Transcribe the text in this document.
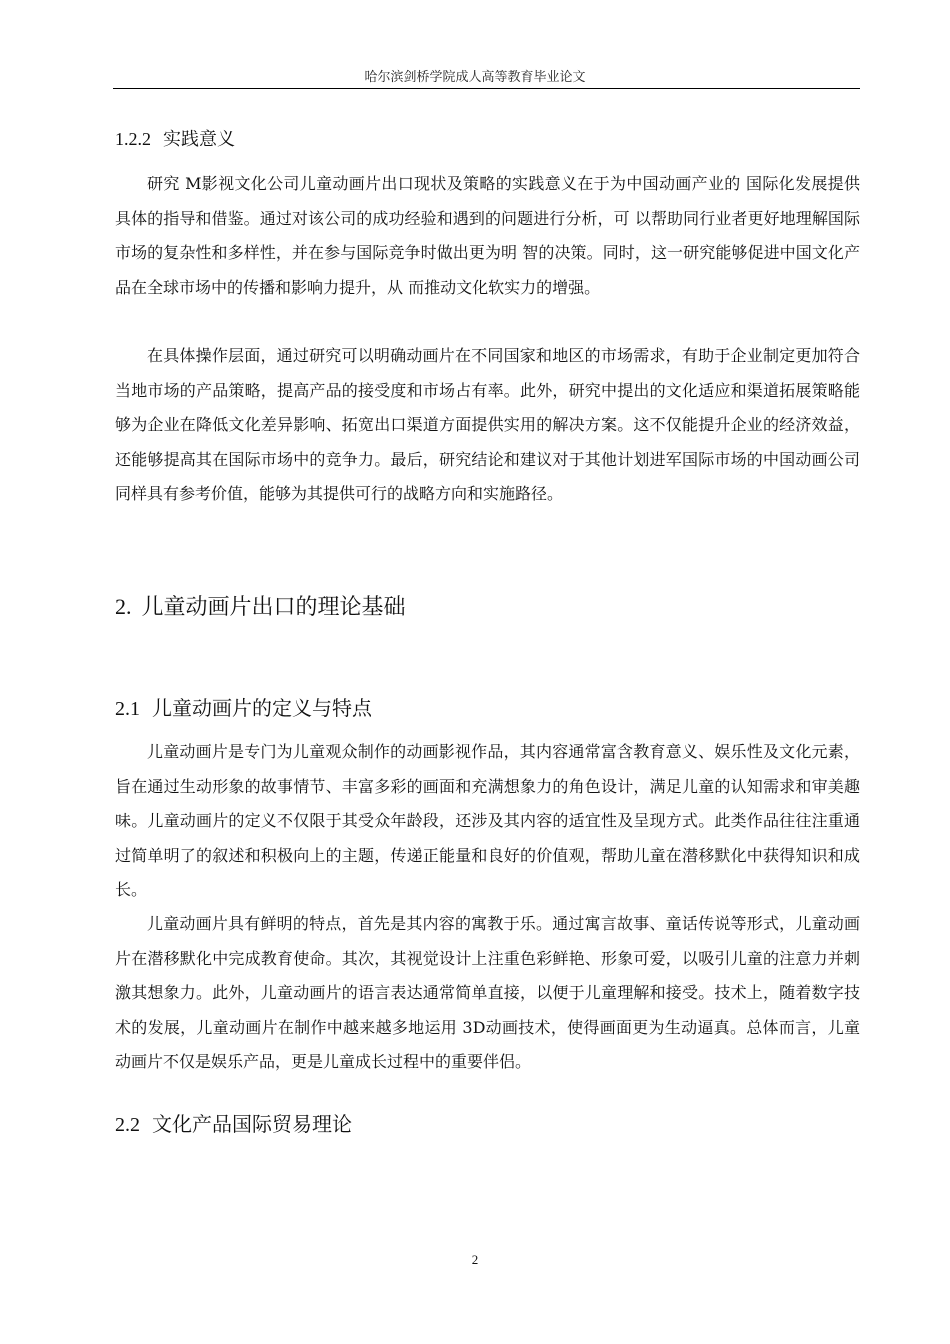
哈尔滨剑桥学院成人高等教育毕业论文
1.2.2 实践意义

研究 M影视文化公司儿童动画片出口现状及策略的实践意义在于为中国动画产业的 国际化发展提供具体的指导和借鉴。通过对该公司的成功经验和遇到的问题进行分析，可 以帮助同行业者更好地理解国际市场的复杂性和多样性，并在参与国际竞争时做出更为明 智的决策。同时，这一研究能够促进中国文化产品在全球市场中的传播和影响力提升，从 而推动文化软实力的增强。

在具体操作层面，通过研究可以明确动画片在不同国家和地区的市场需求，有助于企业制定更加符合当地市场的产品策略，提高产品的接受度和市场占有率。此外，研究中提出的文化适应和渠道拓展策略能够为企业在降低文化差异影响、拓宽出口渠道方面提供实用的解决方案。这不仅能提升企业的经济效益，还能够提高其在国际市场中的竞争力。最后，研究结论和建议对于其他计划进军国际市场的中国动画公司同样具有参考价值，能够为其提供可行的战略方向和实施路径。

2. 儿童动画片出口的理论基础
2.1 儿童动画片的定义与特点

儿童动画片是专门为儿童观众制作的动画影视作品，其内容通常富含教育意义、娱乐性及文化元素，旨在通过生动形象的故事情节、丰富多彩的画面和充满想象力的角色设计，满足儿童的认知需求和审美趣味。儿童动画片的定义不仅限于其受众年龄段，还涉及其内容的适宜性及呈现方式。此类作品往往注重通过简单明了的叙述和积极向上的主题，传递正能量和良好的价值观，帮助儿童在潜移默化中获得知识和成长。

儿童动画片具有鲜明的特点，首先是其内容的寓教于乐。通过寓言故事、童话传说等形式，儿童动画片在潜移默化中完成教育使命。其次，其视觉设计上注重色彩鲜艳、形象可爱，以吸引儿童的注意力并刺激其想象力。此外，儿童动画片的语言表达通常简单直接，以便于儿童理解和接受。技术上，随着数字技术的发展，儿童动画片在制作中越来越多地运用 3D动画技术，使得画面更为生动逼真。总体而言，儿童动画片不仅是娱乐产品，更是儿童成长过程中的重要伴侣。

2.2 文化产品国际贸易理论
2
